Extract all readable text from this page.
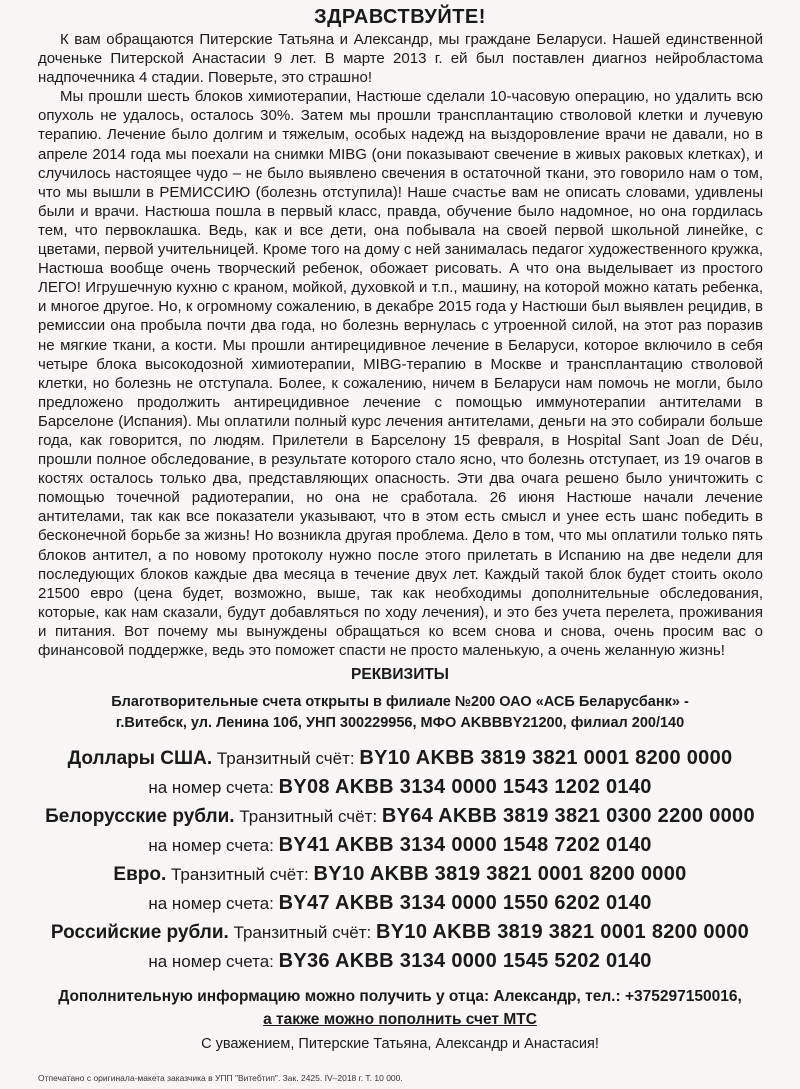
ЗДРАВСТВУЙТЕ!

К вам обращаются Питерские Татьяна и Александр, мы граждане Беларуси. Нашей единственной доченьке Питерской Анастасии 9 лет. В марте 2013 г. ей был поставлен диагноз нейробластома надпочечника 4 стадии. Поверьте, это страшно!

Мы прошли шесть блоков химиотерапии, Настюше сделали 10-часовую операцию, но удалить всю опухоль не удалось, осталось 30%. Затем мы прошли трансплантацию стволовой клетки и лучевую терапию. Лечение было долгим и тяжелым, особых надежд на выздоровление врачи не давали, но в апреле 2014 года мы поехали на снимки MIBG (они показывают свечение в живых раковых клетках), и случилось настоящее чудо – не было выявлено свечения в остаточной ткани, это говорило нам о том, что мы вышли в РЕМИССИЮ (болезнь отступила)! Наше счастье вам не описать словами, удивлены были и врачи. Настюша пошла в первый класс, правда, обучение было надомное, но она гордилась тем, что первоклашка. Ведь, как и все дети, она побывала на своей первой школьной линейке, с цветами, первой учительницей. Кроме того на дому с ней занималась педагог художественного кружка, Настюша вообще очень творческий ребенок, обожает рисовать. А что она выделывает из простого ЛЕГО! Игрушечную кухню с краном, мойкой, духовкой и т.п., машину, на которой можно катать ребенка, и многое другое. Но, к огромному сожалению, в декабре 2015 года у Настюши был выявлен рецидив, в ремиссии она пробыла почти два года, но болезнь вернулась с утроенной силой, на этот раз поразив не мягкие ткани, а кости. Мы прошли антирецидивное лечение в Беларуси, которое включило в себя четыре блока высокодозной химиотерапии, MIBG-терапию в Москве и трансплантацию стволовой клетки, но болезнь не отступала. Более, к сожалению, ничем в Беларуси нам помочь не могли, было предложено продолжить антирецидивное лечение с помощью иммунотерапии антителами в Барселоне (Испания). Мы оплатили полный курс лечения антителами, деньги на это собирали больше года, как говорится, по людям. Прилетели в Барселону 15 февраля, в Hospital Sant Joan de Déu, прошли полное обследование, в результате которого стало ясно, что болезнь отступает, из 19 очагов в костях осталось только два, представляющих опасность. Эти два очага решено было уничтожить с помощью точечной радиотерапии, но она не сработала. 26 июня Настюше начали лечение антителами, так как все показатели указывают, что в этом есть смысл и унее есть шанс победить в бесконечной борьбе за жизнь! Но возникла другая проблема. Дело в том, что мы оплатили только пять блоков антител, а по новому протоколу нужно после этого прилетать в Испанию на две недели для последующих блоков каждые два месяца в течение двух лет. Каждый такой блок будет стоить около 21500 евро (цена будет, возможно, выше, так как необходимы дополнительные обследования, которые, как нам сказали, будут добавляться по ходу лечения), и это без учета перелета, проживания и питания. Вот почему мы вынуждены обращаться ко всем снова и снова, очень просим вас о финансовой поддержке, ведь это поможет спасти не просто маленькую, а очень желанную жизнь!

РЕКВИЗИТЫ
Благотворительные счета открыты в филиале №200 ОАО «АСБ Беларусбанк» -
г.Витебск, ул. Ленина 10б, УНП 300229956, МФО AKBBBY21200, филиал 200/140
Доллары США. Транзитный счёт: BY10 AKBB 3819 3821 0001 8200 0000
на номер счета: BY08 AKBB 3134 0000 1543 1202 0140
Белорусские рубли. Транзитный счёт: BY64 AKBB 3819 3821 0300 2200 0000
на номер счета: BY41 AKBB 3134 0000 1548 7202 0140
Евро. Транзитный счёт: BY10 AKBB 3819 3821 0001 8200 0000
на номер счета: BY47 AKBB 3134 0000 1550 6202 0140
Российские рубли. Транзитный счёт: BY10 AKBB 3819 3821 0001 8200 0000
на номер счета: BY36 AKBB 3134 0000 1545 5202 0140
Дополнительную информацию можно получить у отца: Александр, тел.: +375297150016,
а также можно пополнить счет МТС
С уважением, Питерские Татьяна, Александр и Анастасия!
Отпечатано с оригинала-макета заказчика в УПП "Витебтип". Зак. 2425. IV–2018 г. Т. 10 000.
